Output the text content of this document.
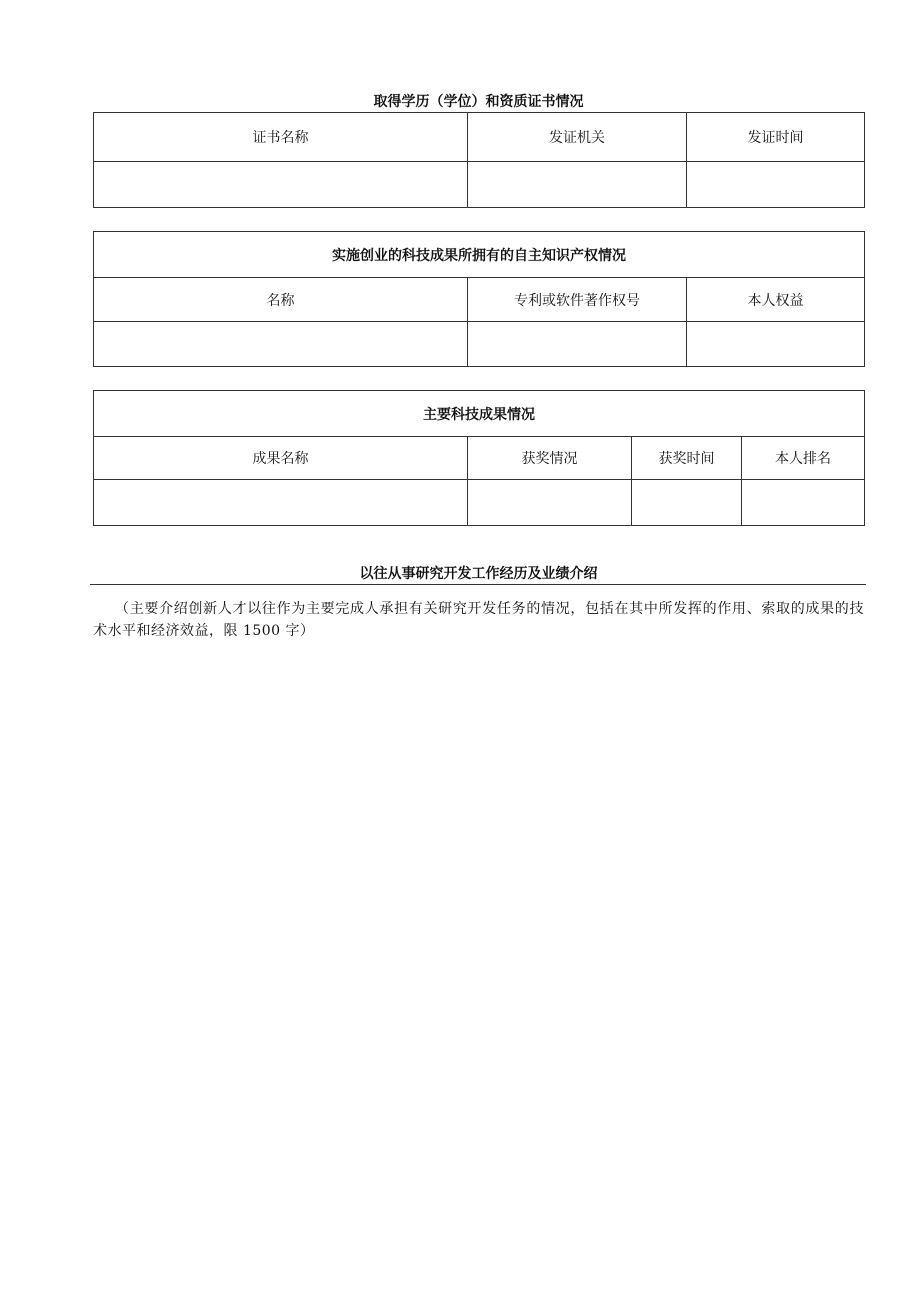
取得学历（学位）和资质证书情况
证书名称	发证机关	发证时间

实施创业的科技成果所拥有的自主知识产权情况		
名称	专利或软件著作权号	本人权益

主要科技成果情况			
成果名称	获奖情况	获奖时间	本人排名

以往从事研究开发工作经历及业绩介绍
（主要介绍创新人才以往作为主要完成人承担有关研究开发任务的情况，包括在其中所发挥的作用、索取的成果的技术水平和经济效益，限 1500 字）
